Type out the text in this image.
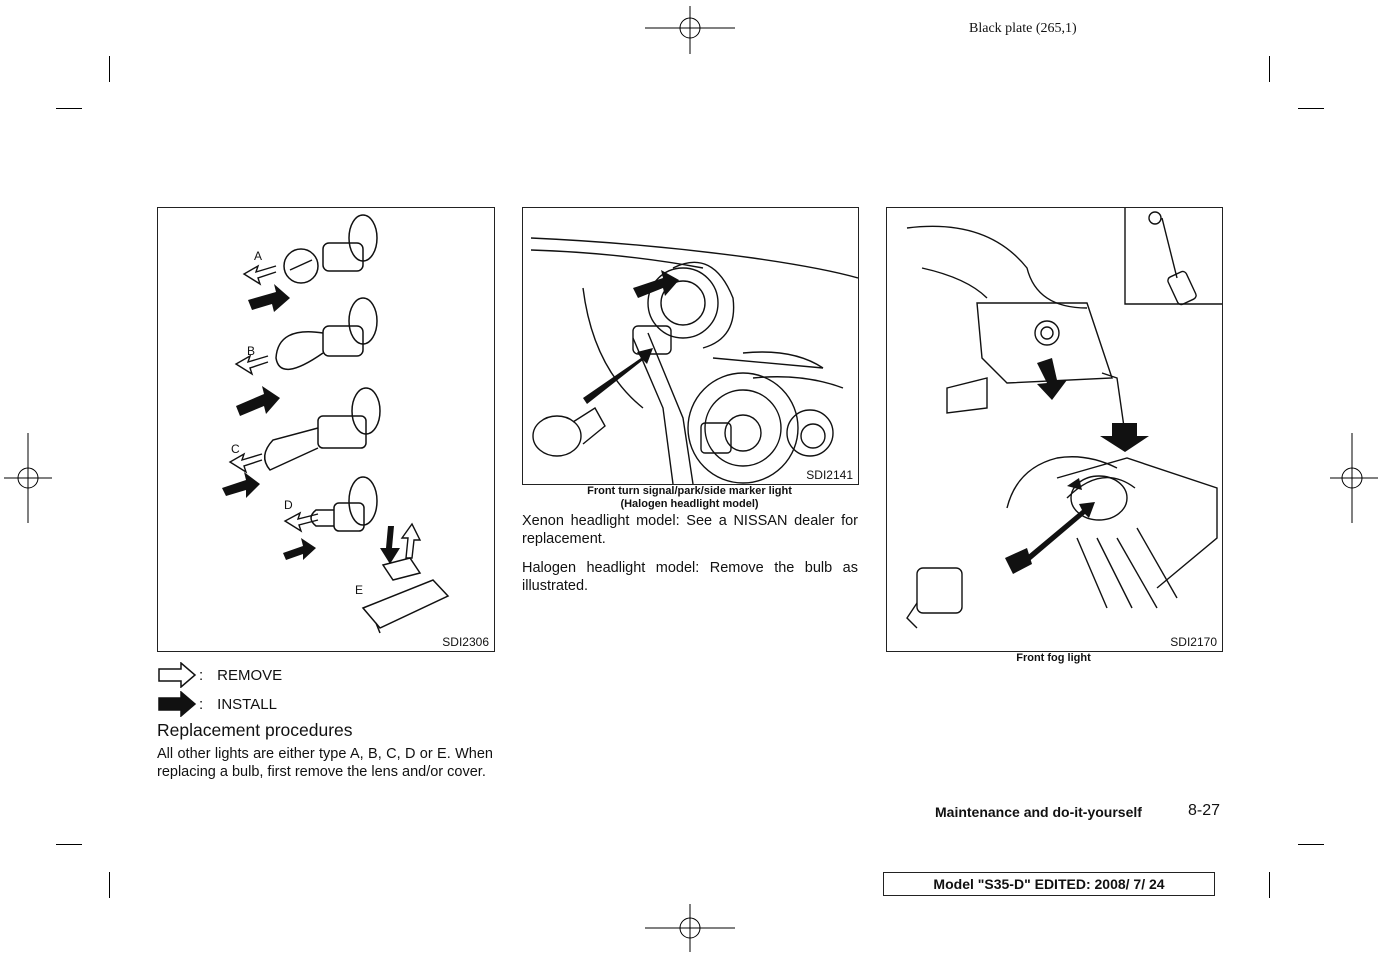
Black plate (265,1)
A
B
C
D
E
SDI2306
: REMOVE
: INSTALL
Replacement procedures
All other lights are either type A, B, C, D or E. When replacing a bulb, first remove the lens and/or cover.
SDI2141
Front turn signal/park/side marker light
(Halogen headlight model)
Xenon headlight model: See a NISSAN dealer for replacement.
Halogen headlight model: Remove the bulb as illustrated.
SDI2170
Front fog light
Maintenance and do-it-yourself	8-27
Model "S35-D" EDITED: 2008/ 7/ 24
